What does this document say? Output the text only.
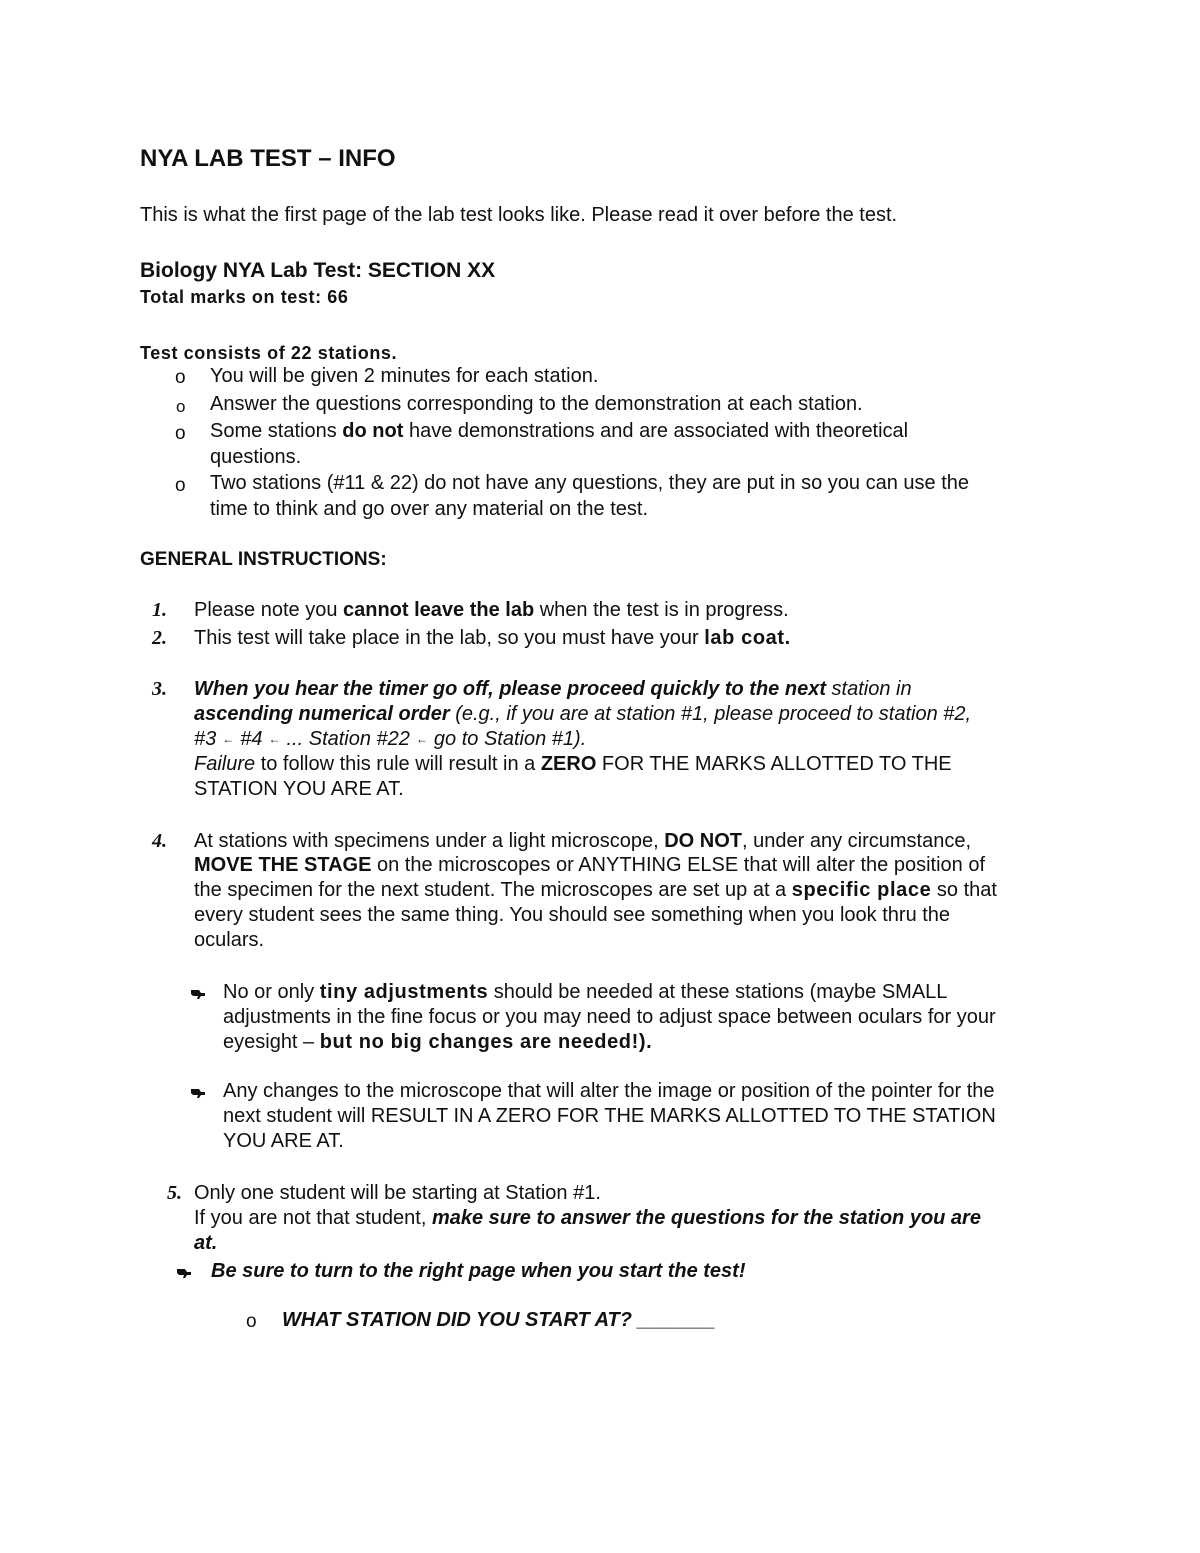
NYA LAB TEST – INFO
This is what the first page of the lab test looks like. Please read it over before the test.
Biology NYA Lab Test: SECTION XX
Total marks on test: 66
Test consists of 22 stations.
o You will be given 2 minutes for each station.
o Answer the questions corresponding to the demonstration at each station.
o Some stations do not have demonstrations and are associated with theoretical
questions.
o Two stations (#11 & 22) do not have any questions, they are put in so you can use the
time to think and go over any material on the test.
GENERAL INSTRUCTIONS:
1. Please note you cannot leave the lab when the test is in progress.
2. This test will take place in the lab, so you must have your lab coat.
3. When you hear the timer go off, please proceed quickly to the next station in
ascending numerical order (e.g., if you are at station #1, please proceed to station #2,
#3 ← #4 ← ... Station #22 ← go to Station #1).
Failure to follow this rule will result in a ZERO FOR THE MARKS ALLOTTED TO THE
STATION YOU ARE AT.
4. At stations with specimens under a light microscope, DO NOT, under any circumstance,
MOVE THE STAGE on the microscopes or ANYTHING ELSE that will alter the position of
the specimen for the next student. The microscopes are set up at a specific place so that
every student sees the same thing. You should see something when you look thru the
oculars.
No or only tiny adjustments should be needed at these stations (maybe SMALL
adjustments in the fine focus or you may need to adjust space between oculars for your
eyesight – but no big changes are needed!).
Any changes to the microscope that will alter the image or position of the pointer for the
next student will RESULT IN A ZERO FOR THE MARKS ALLOTTED TO THE STATION
YOU ARE AT.
5. Only one student will be starting at Station #1.
If you are not that student, make sure to answer the questions for the station you are
at.
Be sure to turn to the right page when you start the test!
o WHAT STATION DID YOU START AT? _______
